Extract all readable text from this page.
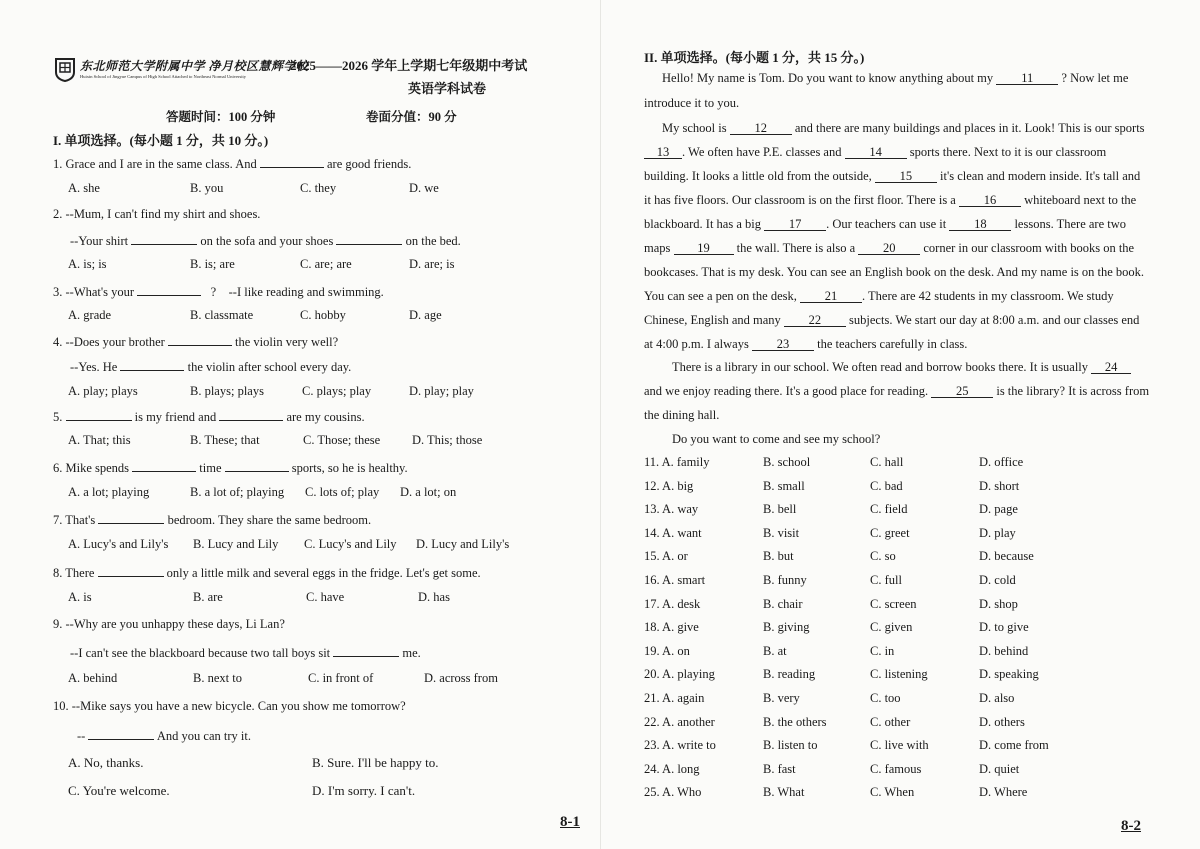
东北师范大学附属中学 净月校区慧辉学校
Huixin School of Jingyue Campus of High School Attached to Northeast Normal University
2025——2026 学年上学期七年级期中考试
英语学科试卷
答题时间：100 分钟	卷面分值：90 分
I. 单项选择。(每小题 1 分，共 10 分。)
1. Grace and I are in the same class. And	are good friends.
A. she	B. you	C. they	D. we
2. --Mum, I can't find my shirt and shoes.
--Your shirt	on the sofa and your shoes	on the bed.
A. is; is	B. is; are	C. are; are	D. are; is
3. --What's your	? --I like reading and swimming.
A. grade	B. classmate	C. hobby	D. age
4. --Does your brother	the violin very well?
--Yes. He	the violin after school every day.
A. play; plays	B. plays; plays	C. plays; play	D. play; play
5.	is my friend and	are my cousins.
A. That; this	B. These; that	C. Those; these	D. This; those
6. Mike spends	time	sports, so he is healthy.
A. a lot; playing	B. a lot of; playing C. lots of; play D. a lot; on
7. That's	bedroom. They share the same bedroom.
A. Lucy's and Lily's B. Lucy and Lily C. Lucy's and Lily D. Lucy and Lily's
8. There	only a little milk and several eggs in the fridge. Let's get some.
A. is	B. are	C. have	D. has
9. --Why are you unhappy these days, Li Lan?
--I can't see the blackboard because two tall boys sit	me.
A. behind	B. next to	C. in front of	D. across from
10. --Mike says you have a new bicycle. Can you show me tomorrow?
--	And you can try it.
A. No, thanks.	B. Sure. I'll be happy to.
C. You're welcome.	D. I'm sorry. I can't.
8-1
II. 单项选择。(每小题 1 分，共 15 分。)
Hello! My name is Tom. Do you want to know anything about my 11 ? Now let me
introduce it to you.
My school is 12 and there are many buildings and places in it. Look! This is our sports
13 . We often have P.E. classes and 14 sports there. Next to it is our classroom
building. It looks a little old from the outside, 15 it's clean and modern inside. It's tall and
it has five floors. Our classroom is on the first floor. There is a 16 whiteboard next to the
blackboard. It has a big 17 . Our teachers can use it 18 lessons. There are two
maps 19 the wall. There is also a 20 corner in our classroom with books on the
bookcases. That is my desk. You can see an English book on the desk. And my name is on the book.
You can see a pen on the desk, 21 . There are 42 students in my classroom. We study
Chinese, English and many 22 subjects. We start our day at 8:00 a.m. and our classes end
at 4:00 p.m. I always 23 the teachers carefully in class.
There is a library in our school. We often read and borrow books there. It is usually 24
and we enjoy reading there. It's a good place for reading. 25 is the library? It is across from
the dining hall.
Do you want to come and see my school?
11. A. family	B. school	C. hall	D. office
12. A. big	B. small	C. bad	D. short
13. A. way	B. bell	C. field	D. page
14. A. want	B. visit	C. greet	D. play
15. A. or	B. but	C. so	D. because
16. A. smart	B. funny	C. full	D. cold
17. A. desk	B. chair	C. screen	D. shop
18. A. give	B. giving	C. given	D. to give
19. A. on	B. at	C. in	D. behind
20. A. playing	B. reading	C. listening	D. speaking
21. A. again	B. very	C. too	D. also
22. A. another	B. the others	C. other	D. others
23. A. write to	B. listen to	C. live with	D. come from
24. A. long	B. fast	C. famous	D. quiet
25. A. Who	B. What	C. When	D. Where
8-2
